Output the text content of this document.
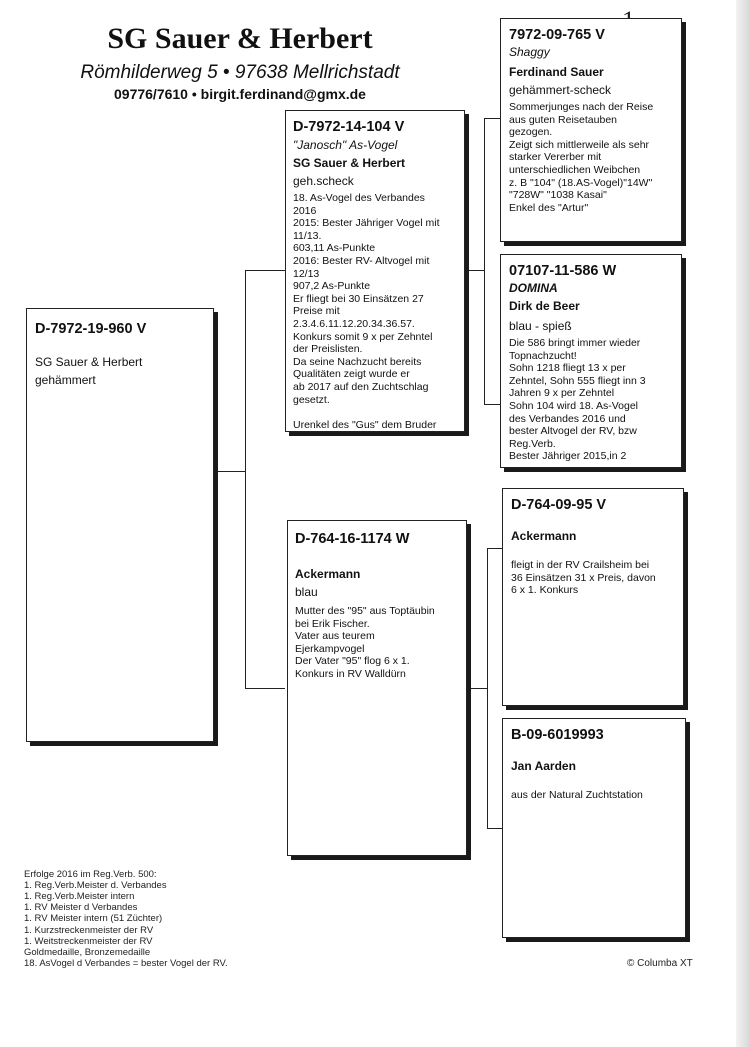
SG Sauer & Herbert
Römhilderweg 5 • 97638 Mellrichstadt
09776/7610 • birgit.ferdinand@gmx.de

D-7972-19-960 V

SG Sauer & Herbert
gehämmert

D-7972-14-104 V

"Janosch" As-Vogel
SG Sauer & Herbert
geh.scheck
18. As-Vogel des Verbandes
2016
2015: Bester Jähriger Vogel mit
11/13.
603,11 As-Punkte
2016: Bester RV- Altvogel mit
12/13
907,2 As-Punkte
Er fliegt bei 30 Einsätzen 27
Preise mit
2.3.4.6.11.12.20.34.36.57.
Konkurs somit 9 x per Zehntel
der Preislisten.
Da seine Nachzucht bereits
Qualitäten zeigt wurde er
ab 2017 auf den Zuchtschlag
gesetzt.

Urenkel des "Gus" dem Bruder

D-764-16-1174 W

Ackermann
blau
Mutter des "95" aus Toptäubin
bei Erik Fischer.
Vater aus teurem
Ejerkampvogel
Der Vater "95" flog 6 x 1.
Konkurs in RV Walldürn

7972-09-765 V

Shaggy
Ferdinand Sauer
gehämmert-scheck
Sommerjunges nach der Reise
aus guten Reisetauben
gezogen.
Zeigt sich mittlerweile als sehr
starker Vererber mit
unterschiedlichen Weibchen
z. B "104" (18.AS-Vogel)"14W"
"728W" "1038 Kasai"
Enkel des "Artur"

07107-11-586 W

DOMINA
Dirk de Beer
blau - spieß
Die 586 bringt immer wieder
Topnachzucht!
Sohn 1218 fliegt 13 x per
Zehntel, Sohn 555 fliegt inn 3
Jahren 9 x per Zehntel
Sohn 104 wird 18. As-Vogel
des Verbandes 2016 und
bester Altvogel der RV, bzw
Reg.Verb.
Bester Jähriger 2015,in 2

D-764-09-95 V

Ackermann
fleigt in der RV Crailsheim bei
36 Einsätzen 31 x Preis, davon
6 x 1. Konkurs

B-09-6019993

Jan Aarden
aus der Natural Zuchtstation
Erfolge 2016 im Reg.Verb. 500:
1. Reg.Verb.Meister d. Verbandes
1. Reg.Verb.Meister intern
1. RV Meister d Verbandes
1. RV Meister intern (51 Züchter)
1. Kurzstreckenmeister der RV
1. Weitstreckenmeister der RV
Goldmedaille, Bronzemedaille
18. AsVogel d Verbandes = bester Vogel der RV.	© Columba XT
